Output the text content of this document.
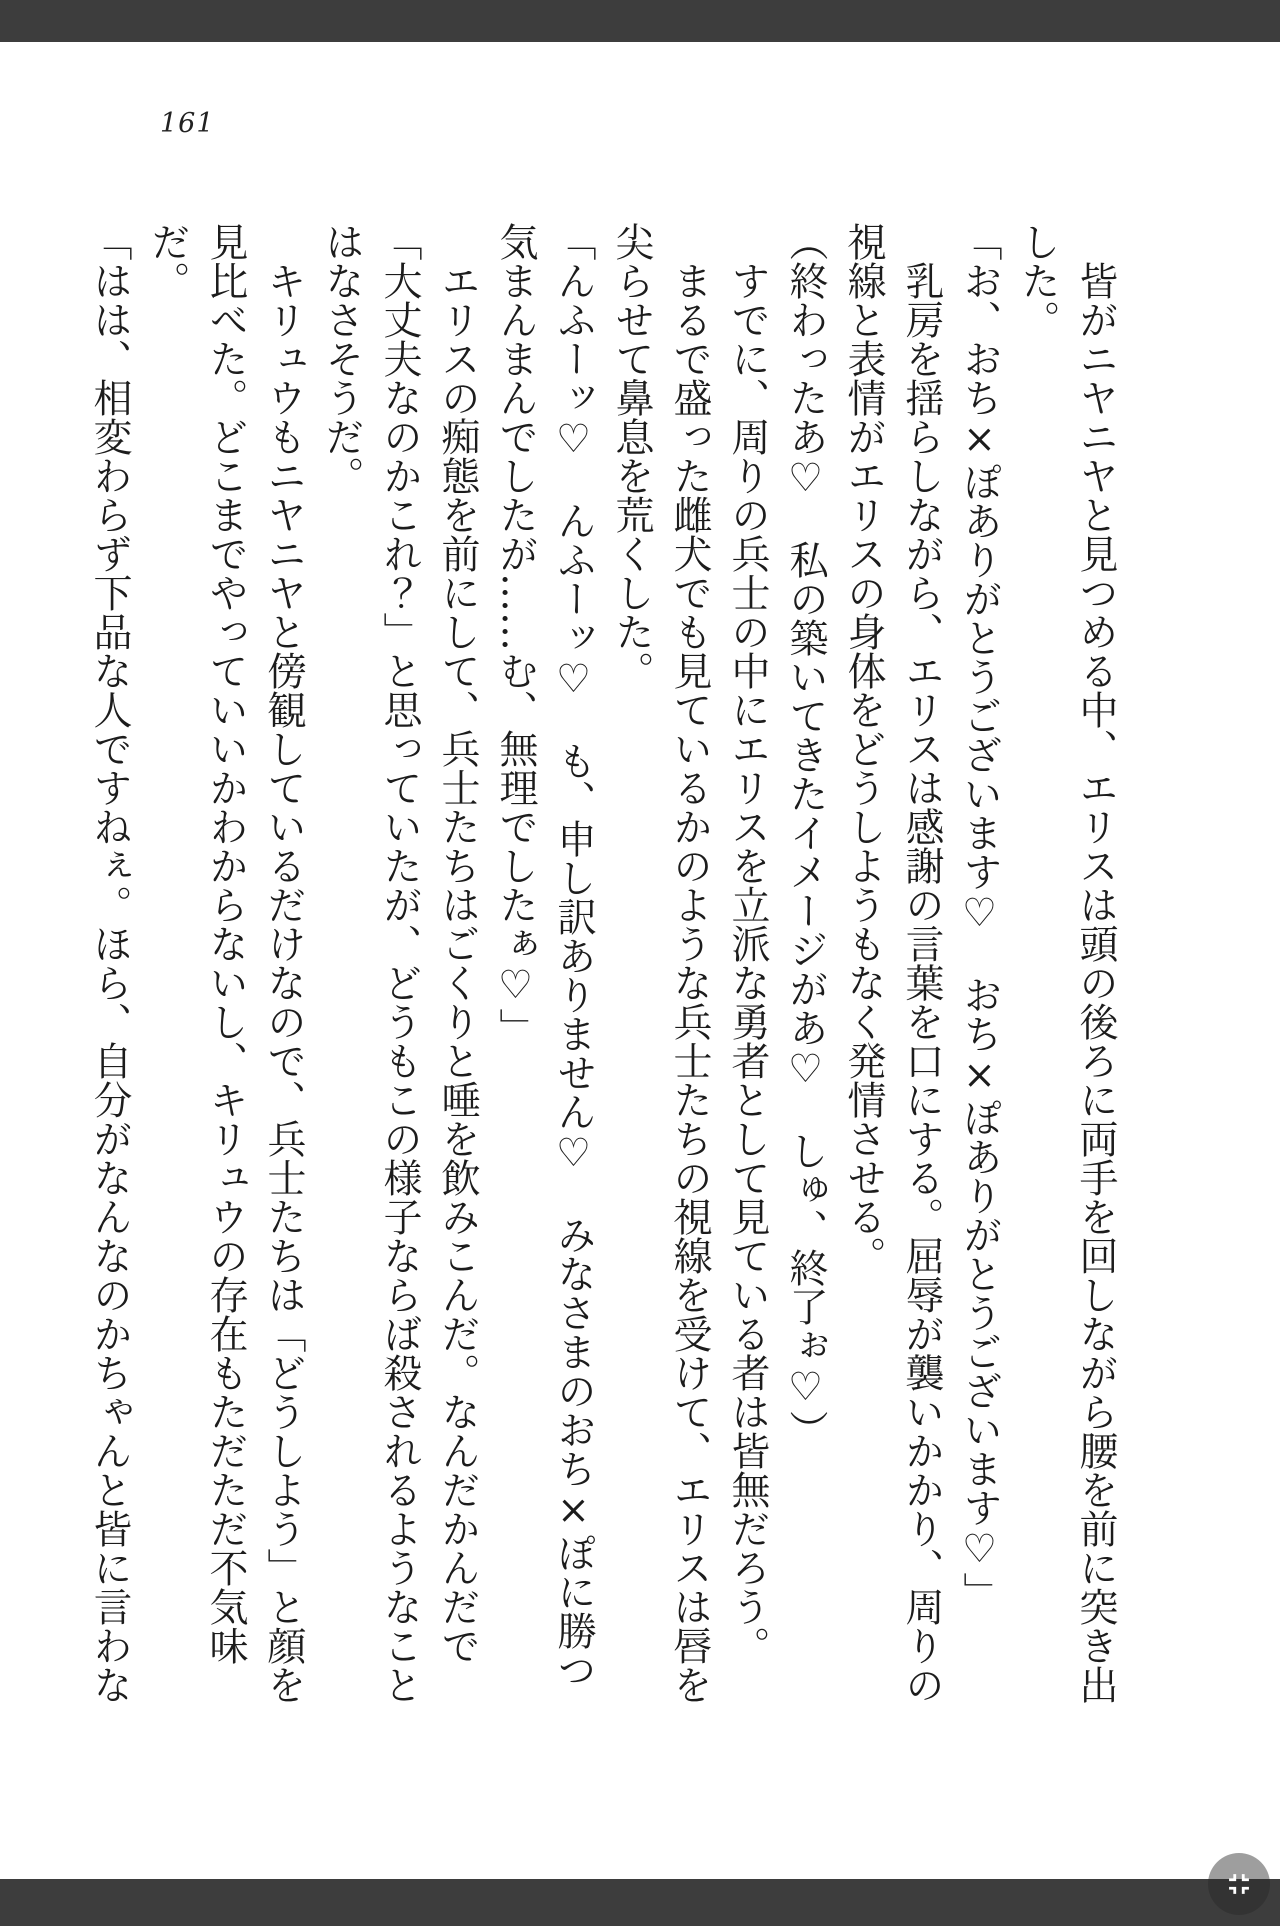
161

　皆がニヤニヤと見つめる中、エリスは頭の後ろに両手を回しながら腰を前に突き出した。

「お、おち×ぽありがとうございます♡　おち×ぽありがとうございます♡」

　乳房を揺らしながら、エリスは感謝の言葉を口にする。屈辱が襲いかかり、周りの視線と表情がエリスの身体をどうしようもなく発情させる。

（終わったあ♡　私の築いてきたイメージがあ♡　しゅ、終了ぉ♡）

　すでに、周りの兵士の中にエリスを立派な勇者として見ている者は皆無だろう。

　まるで盛った雌犬でも見ているかのような兵士たちの視線を受けて、エリスは唇を尖らせて鼻息を荒くした。

「んふーッ♡　んふーッ♡　も、申し訳ありません♡　みなさまのおち×ぽに勝つ気まんまんでしたが……む、無理でしたぁ♡」

　エリスの痴態を前にして、兵士たちはごくりと唾を飲みこんだ。なんだかんだで「大丈夫なのかこれ？」と思っていたが、どうもこの様子ならば殺されるようなことはなさそうだ。

　キリュウもニヤニヤと傍観しているだけなので、兵士たちは「どうしよう」と顔を見比べた。どこまでやっていいかわからないし、キリュウの存在もただただ不気味だ。

「はは、相変わらず下品な人ですねぇ。ほら、自分がなんなのかちゃんと皆に言わな
